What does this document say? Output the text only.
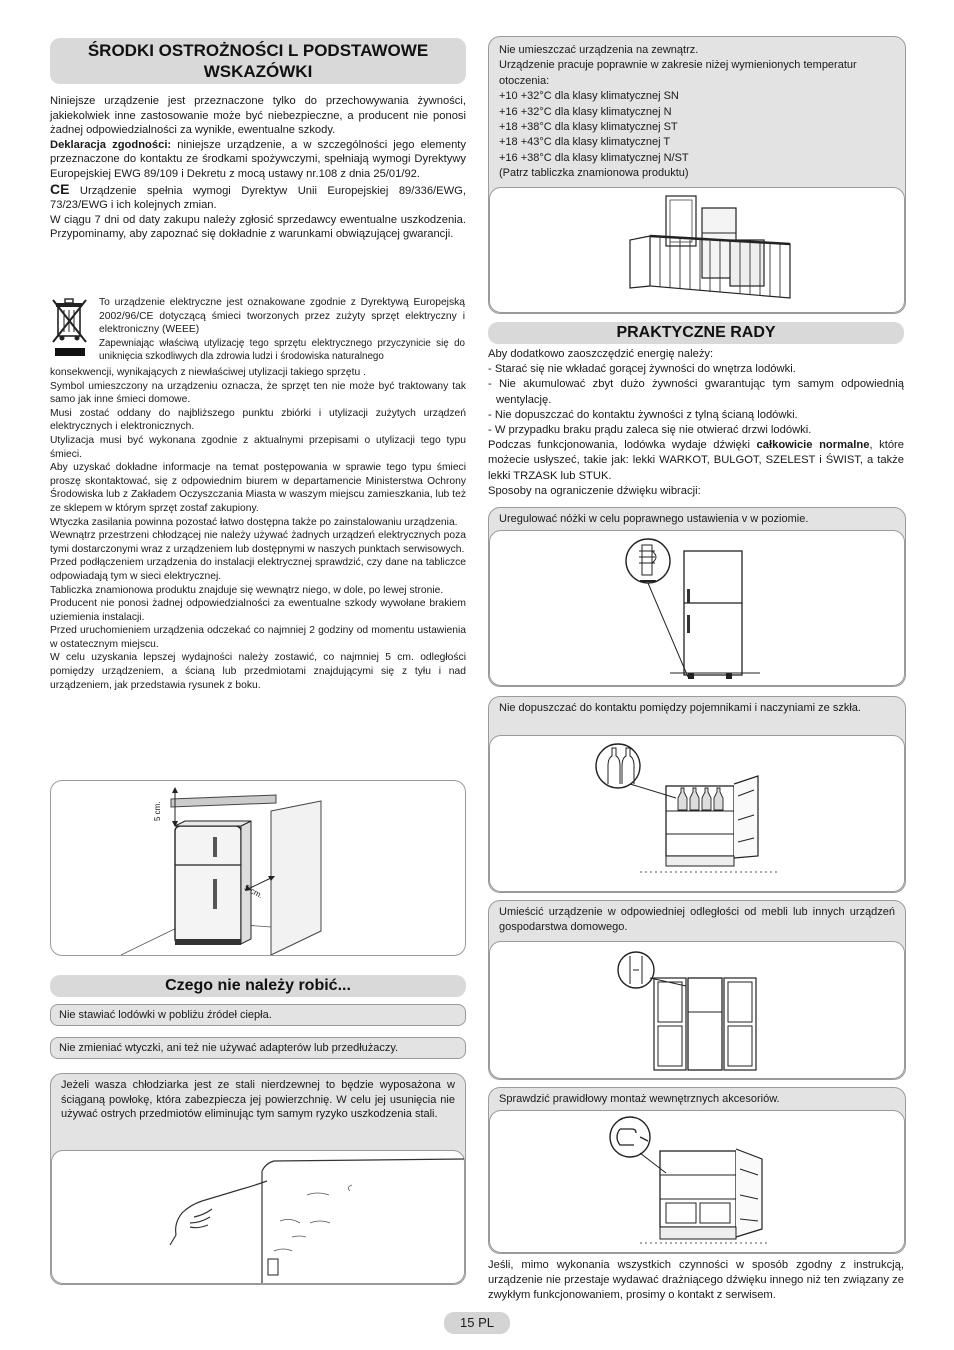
ŚRODKI OSTROŻNOŚCI L PODSTAWOWE
WSKAZÓWKI

Niniejsze urządzenie jest przeznaczone tylko do przechowywania żywności, jakiekolwiek inne zastosowanie może być niebezpieczne, a producent nie ponosi żadnej odpowiedzialności za wynikłe, ewentualne szkody.

Deklaracja zgodności: niniejsze urządzenie, a w szczególności jego elementy przeznaczone do kontaktu ze środkami spożywczymi, spełniają wymogi Dyrektywy Europejskiej EWG 89/109 i Dekretu z mocą ustawy nr.108 z dnia 25/01/92.

CE Urządzenie spełnia wymogi Dyrektyw Unii Europejskiej 89/336/EWG, 73/23/EWG i ich kolejnych zmian.

W ciągu 7 dni od daty zakupu należy zgłosić sprzedawcy ewentualne uszkodzenia. Przypominamy, aby zapoznać się dokładnie z warunkami obwiązującej gwarancji.

To urządzenie elektryczne jest oznakowane zgodnie z Dyrektywą Europejską 2002/96/CE dotyczącą śmieci tworzonych przez zużyty sprzęt elektryczny i elektroniczny (WEEE)

Zapewniając właściwą utylizację tego sprzętu elektrycznego przyczynicie się do uniknięcia szkodliwych dla zdrowia ludzi i środowiska naturalnego

konsekwencji, wynikających z niewłaściwej utylizacji takiego sprzętu .

Symbol umieszczony na urządzeniu oznacza, że sprzęt ten nie może być traktowany tak samo jak inne śmieci domowe.

Musi zostać oddany do najbliższego punktu zbiórki i utylizacji zużytych urządzeń elektrycznych i elektronicznych.

Utylizacja musi być wykonana zgodnie z aktualnymi przepisami o utylizacji tego typu śmieci.

Aby uzyskać dokładne informacje na temat postępowania w sprawie tego typu śmieci proszę skontaktować, się z odpowiednim biurem w departamencie Ministerstwa Ochrony Środowiska lub z Zakładem Oczyszczania Miasta w waszym miejscu zamieszkania, lub też ze sklepem w którym sprzęt zostaf zakupiony.

Wtyczka zasilania powinna pozostać łatwo dostępna także po zainstalowaniu urządzenia.

Wewnątrz przestrzeni chłodzącej nie należy używać żadnych urządzeń elektrycznych poza tymi dostarczonymi wraz z urządzeniem lub dostępnymi w naszych punktach serwisowych.

Przed podłączeniem urządzenia do instalacji elektrycznej sprawdzić, czy dane na tabliczce odpowiadają tym w sieci elektrycznej.

Tabliczka znamionowa produktu znajduje się wewnątrz niego, w dole, po lewej stronie.

Producent nie ponosi żadnej odpowiedzialności za ewentualne szkody wywołane brakiem uziemienia instalacji.

Przed uruchomieniem urządzenia odczekać co najmniej 2 godziny od momentu ustawienia w ostatecznym miejscu.

W celu uzyskania lepszej wydajności należy zostawić, co najmniej 5 cm. odległości pomiędzy urządzeniem, a ścianą lub przedmiotami znajdującymi się z tyłu i nad urządzeniem, jak przedstawia rysunek z boku.

5 cm.
5 cm.
Czego nie należy robić...
Nie stawiać lodówki w pobliżu źródeł ciepła.
Nie zmieniać wtyczki, ani też nie używać adapterów lub przedłużaczy.
Jeżeli wasza chłodziarka jest ze stali nierdzewnej to będzie wyposażona w ściąganą powłokę, która zabezpiecza jej powierzchnię. W celu jej usunięcia nie używać ostrych przedmiotów eliminując tym samym ryzyko uszkodzenia stali.
Nie umieszczać urządzenia na zewnątrz.
Urządzenie pracuje poprawnie w zakresie niżej wymienionych temperatur otoczenia:
+10 +32°C dla klasy klimatycznej SN
+16 +32°C dla klasy klimatycznej N
+18 +38°C dla klasy klimatycznej ST
+18 +43°C dla klasy klimatycznej T
+16 +38°C dla klasy klimatycznej N/ST
(Patrz tabliczka znamionowa produktu)
PRAKTYCZNE RADY

Aby dodatkowo zaoszczędzić energię należy:

- Starać się nie wkładać gorącej żywności do wnętrza lodówki.

- Nie akumulować zbyt dużo żywności gwarantując tym samym odpowiednią wentylację.

- Nie dopuszczać do kontaktu żywności z tylną ścianą lodówki.

- W przypadku braku prądu zaleca się nie otwierać drzwi lodówki.

Podczas funkcjonowania, lodówka wydaje dźwięki całkowicie normalne, które możecie usłyszeć, takie jak: lekki WARKOT, BULGOT, SZELEST i ŚWIST, a także lekki TRZASK lub STUK.

Sposoby na ograniczenie dźwięku wibracji:

Uregulować nóżki w celu poprawnego ustawienia v w poziomie.
Nie dopuszczać do kontaktu pomiędzy pojemnikami i naczyniami ze szkła.
Umieścić urządzenie w odpowiedniej odległości od mebli lub innych urządzeń gospodarstwa domowego.
Sprawdzić prawidłowy montaż wewnętrznych akcesoriów.
Jeśli, mimo wykonania wszystkich czynności w sposób zgodny z instrukcją, urządzenie nie przestaje wydawać drażniącego dźwięku innego niż ten związany ze zwykłym funkcjonowaniem, prosimy o kontakt z serwisem.
15 PL
